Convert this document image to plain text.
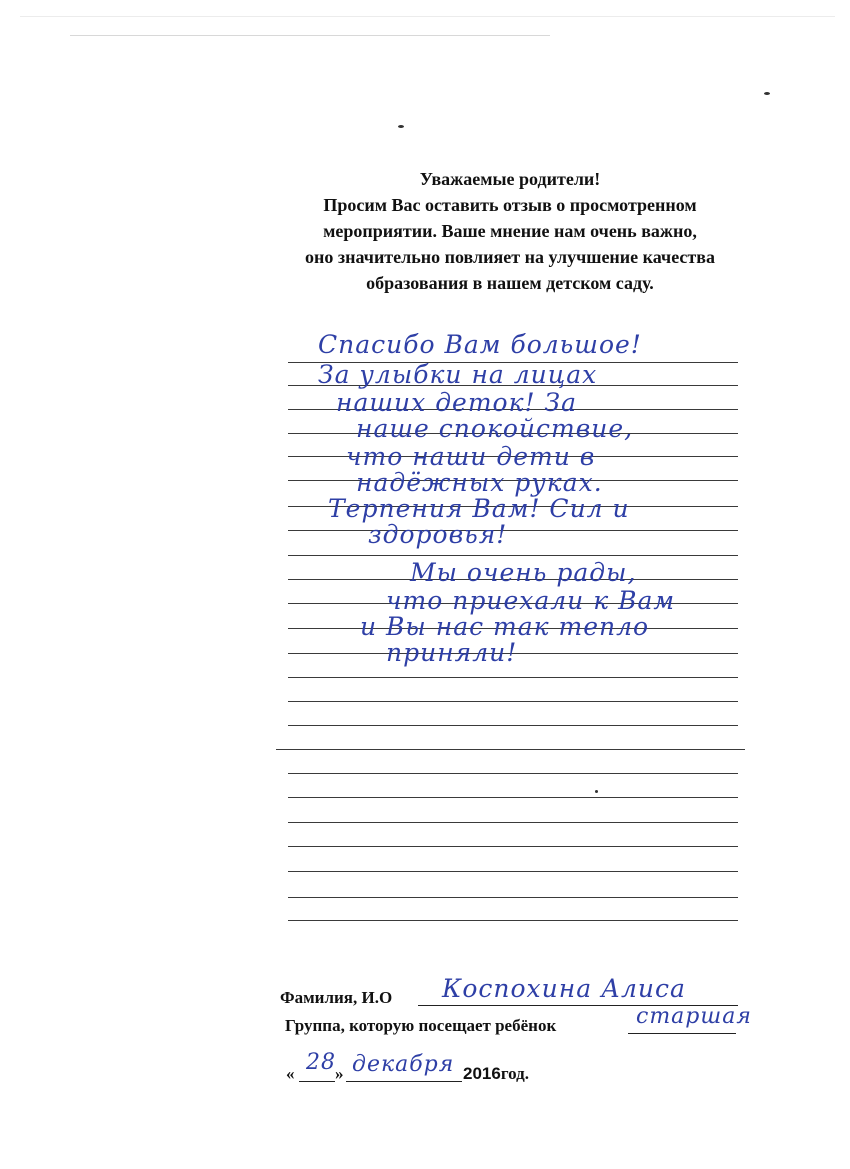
Уважаемые родители!
Просим Вас оставить отзыв о просмотренном
мероприятии. Ваше мнение нам очень важно,
оно значительно повлияет на улучшение качества
образования в нашем детском саду.
Спасибо Вам большое!
За улыбки на лицах
наших деток! За
наше спокойствие,
что наши дети в
надёжных руках.
Терпения Вам! Сил и
здоровья!
Мы очень рады,
что приехали к Вам
и Вы нас так тепло
приняли!
Фамилия, И.О Коспохина Алиса
Группа, которую посещает ребёнок	старшая
« 28 » декабря 2016год.
